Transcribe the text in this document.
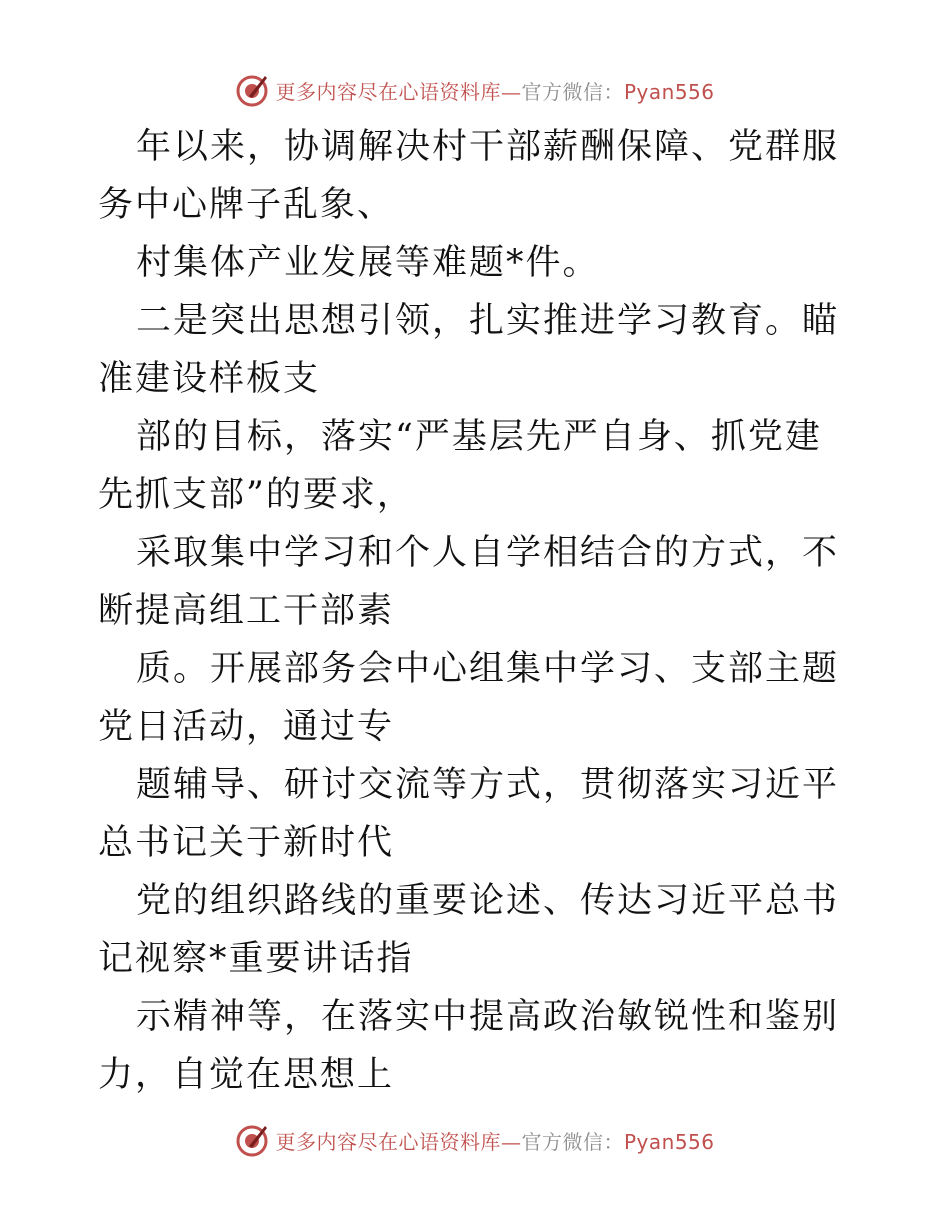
更多内容尽在心语资料库—官方微信：Pyan556

年以来，协调解决村干部薪酬保障、党群服务中心牌子乱象、

村集体产业发展等难题*件。

二是突出思想引领，扎实推进学习教育。瞄准建设样板支

部的目标，落实“严基层先严自身、抓党建先抓支部”的要求，

采取集中学习和个人自学相结合的方式，不断提高组工干部素

质。开展部务会中心组集中学习、支部主题党日活动，通过专

题辅导、研讨交流等方式，贯彻落实习近平总书记关于新时代

党的组织路线的重要论述、传达习近平总书记视察*重要讲话指

示精神等，在落实中提高政治敏锐性和鉴别力，自觉在思想上

更多内容尽在心语资料库—官方微信：Pyan556
